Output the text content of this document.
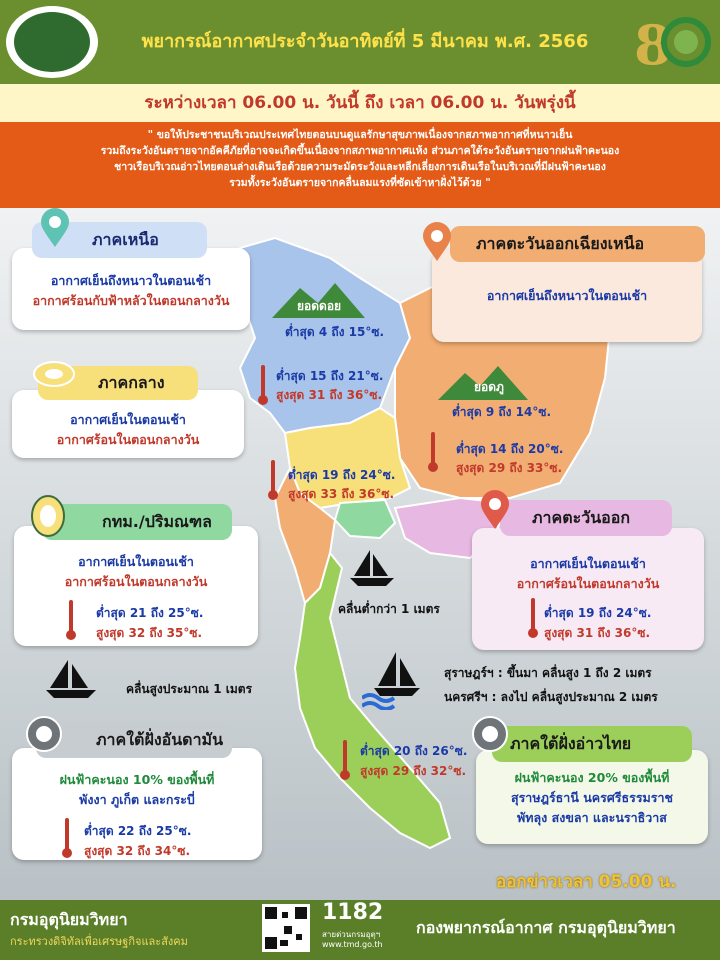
พยากรณ์อากาศประจำวันอาทิตย์ที่ 5 มีนาคม พ.ศ. 2566 8
ระหว่างเวลา 06.00 น. วันนี้ ถึง เวลา 06.00 น. วันพรุ่งนี้
" ขอให้ประชาชนบริเวณประเทศไทยตอนบนดูแลรักษาสุขภาพเนื่องจากสภาพอากาศที่หนาวเย็น
รวมถึงระวังอันตรายจากอัคคีภัยที่อาจจะเกิดขึ้นเนื่องจากสภาพอากาศแห้ง ส่วนภาคใต้ระวังอันตรายจากฝนฟ้าคะนอง
ชาวเรือบริเวณอ่าวไทยตอนล่างเดินเรือด้วยความระมัดระวังและหลีกเลี่ยงการเดินเรือในบริเวณที่มีฝนฟ้าคะนอง
รวมทั้งระวังอันตรายจากคลื่นลมแรงที่ซัดเข้าหาฝั่งไว้ด้วย "
ยอดดอย
ต่ำสุด 4 ถึง 15°ซ.
ยอดภู
ต่ำสุด 9 ถึง 14°ซ.
อากาศเย็นถึงหนาวในตอนเช้า
อากาศร้อนกับฟ้าหลัวในตอนกลางวัน
ภาคเหนือ
ต่ำสุด 15 ถึง 21°ซ.
สูงสุด 31 ถึง 36°ซ.
อากาศเย็นถึงหนาวในตอนเช้า
ภาคตะวันออกเฉียงเหนือ
ต่ำสุด 14 ถึง 20°ซ.
สูงสุด 29 ถึง 33°ซ.
อากาศเย็นในตอนเช้า
อากาศร้อนในตอนกลางวัน
ภาคกลาง
ต่ำสุด 19 ถึง 24°ซ.
สูงสุด 33 ถึง 36°ซ.
อากาศเย็นในตอนเช้า
อากาศร้อนในตอนกลางวัน
กทม./ปริมณฑล
ต่ำสุด 21 ถึง 25°ซ.
สูงสุด 32 ถึง 35°ซ.
อากาศเย็นในตอนเช้า
อากาศร้อนในตอนกลางวัน
ภาคตะวันออก
ต่ำสุด 19 ถึง 24°ซ.
สูงสุด 31 ถึง 36°ซ.
คลื่นต่ำกว่า 1 เมตร
คลื่นสูงประมาณ 1 เมตร
สุราษฎร์ฯ : ขึ้นมา คลื่นสูง 1 ถึง 2 เมตร
นครศรีฯ : ลงไป คลื่นสูงประมาณ 2 เมตร
ฝนฟ้าคะนอง 10% ของพื้นที่
พังงา ภูเก็ต และกระบี่
ภาคใต้ฝั่งอันดามัน
ต่ำสุด 22 ถึง 25°ซ.
สูงสุด 32 ถึง 34°ซ.
ฝนฟ้าคะนอง 20% ของพื้นที่
สุราษฎร์ธานี นครศรีธรรมราช
พัทลุง สงขลา และนราธิวาส
ภาคใต้ฝั่งอ่าวไทย
ต่ำสุด 20 ถึง 26°ซ.
สูงสุด 29 ถึง 32°ซ.
ออกข่าวเวลา 05.00 น.
กรมอุตุนิยมวิทยา
กระทรวงดิจิทัลเพื่อเศรษฐกิจและสังคม
1182
สายด่วนกรมอุตุฯ
www.tmd.go.th
กองพยากรณ์อากาศ กรมอุตุนิยมวิทยา
